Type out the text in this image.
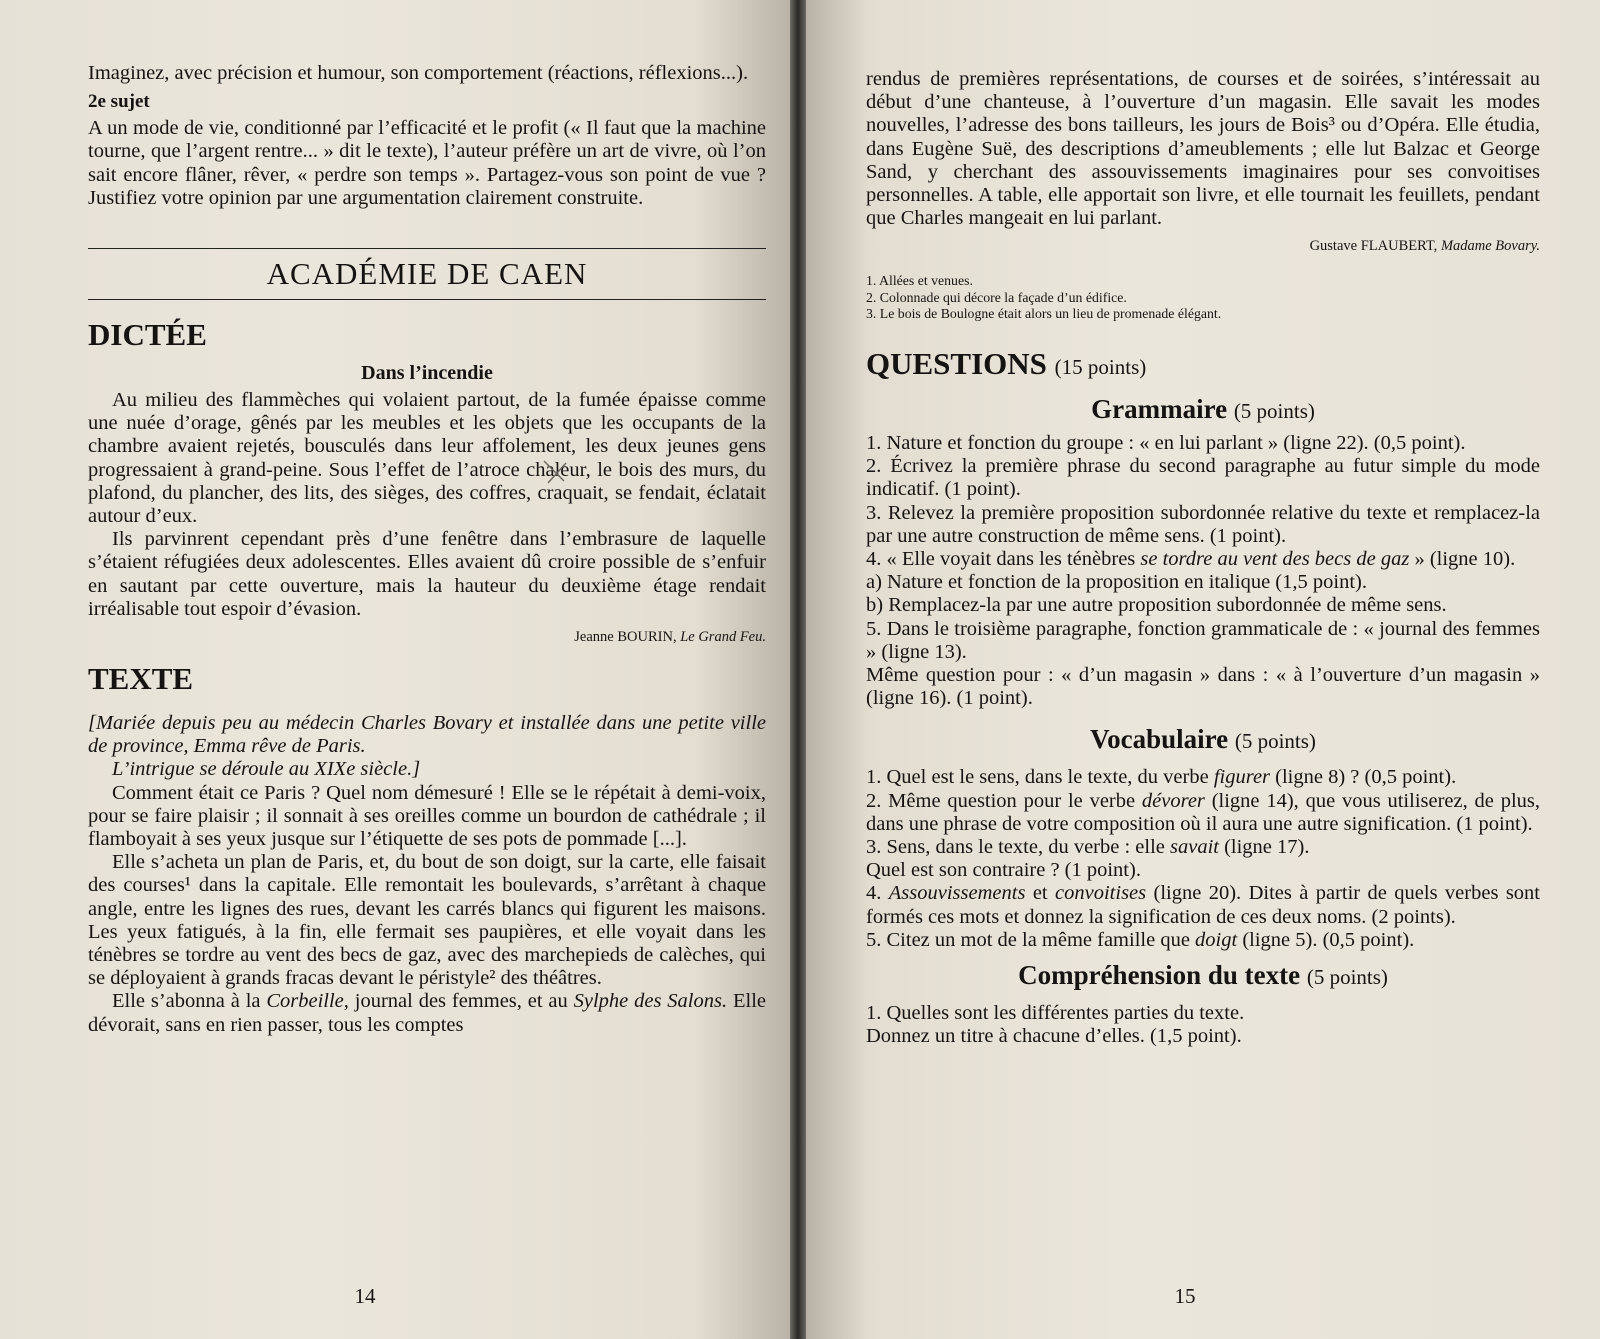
Imaginez, avec précision et humour, son comportement (réactions, réflexions...).

2e sujet

A un mode de vie, conditionné par l’efficacité et le profit (« Il faut que la machine tourne, que l’argent rentre... » dit le texte), l’auteur préfère un art de vivre, où l’on sait encore flâner, rêver, « perdre son temps ». Partagez-vous son point de vue ? Justifiez votre opinion par une argumentation clairement construite.

ACADÉMIE DE CAEN
DICTÉE
Dans l’incendie

Au milieu des flammèches qui volaient partout, de la fumée épaisse comme une nuée d’orage, gênés par les meubles et les objets que les occupants de la chambre avaient rejetés, bousculés dans leur affolement, les deux jeunes gens progressaient à grand-peine. Sous l’effet de l’atroce chaleur, le bois des murs, du plafond, du plancher, des lits, des sièges, des coffres, craquait, se fendait, éclatait autour d’eux.

Ils parvinrent cependant près d’une fenêtre dans l’embrasure de laquelle s’étaient réfugiées deux adolescentes. Elles avaient dû croire possible de s’enfuir en sautant par cette ouverture, mais la hauteur du deuxième étage rendait irréalisable tout espoir d’évasion.

Jeanne BOURIN, Le Grand Feu.
TEXTE

[Mariée depuis peu au médecin Charles Bovary et installée dans une petite ville de province, Emma rêve de Paris.

L’intrigue se déroule au XIXe siècle.]

Comment était ce Paris ? Quel nom démesuré ! Elle se le répétait à demi-voix, pour se faire plaisir ; il sonnait à ses oreilles comme un bourdon de cathédrale ; il flamboyait à ses yeux jusque sur l’étiquette de ses pots de pommade [...].

Elle s’acheta un plan de Paris, et, du bout de son doigt, sur la carte, elle faisait des courses¹ dans la capitale. Elle remontait les boulevards, s’arrêtant à chaque angle, entre les lignes des rues, devant les carrés blancs qui figurent les maisons. Les yeux fatigués, à la fin, elle fermait ses paupières, et elle voyait dans les ténèbres se tordre au vent des becs de gaz, avec des marchepieds de calèches, qui se déployaient à grands fracas devant le péristyle² des théâtres.

Elle s’abonna à la Corbeille, journal des femmes, et au Sylphe des Salons. Elle dévorait, sans en rien passer, tous les comptes

14

rendus de premières représentations, de courses et de soirées, s’intéressait au début d’une chanteuse, à l’ouverture d’un magasin. Elle savait les modes nouvelles, l’adresse des bons tailleurs, les jours de Bois³ ou d’Opéra. Elle étudia, dans Eugène Suë, des descriptions d’ameublements ; elle lut Balzac et George Sand, y cherchant des assouvissements imaginaires pour ses convoitises personnelles. A table, elle apportait son livre, et elle tournait les feuillets, pendant que Charles mangeait en lui parlant.

Gustave FLAUBERT, Madame Bovary.

1. Allées et venues.

2. Colonnade qui décore la façade d’un édifice.

3. Le bois de Boulogne était alors un lieu de promenade élégant.

QUESTIONS (15 points)
Grammaire (5 points)

1. Nature et fonction du groupe : « en lui parlant » (ligne 22). (0,5 point).

2. Écrivez la première phrase du second paragraphe au futur simple du mode indicatif. (1 point).

3. Relevez la première proposition subordonnée relative du texte et remplacez-la par une autre construction de même sens. (1 point).

4. « Elle voyait dans les ténèbres se tordre au vent des becs de gaz » (ligne 10).

a) Nature et fonction de la proposition en italique (1,5 point).

b) Remplacez-la par une autre proposition subordonnée de même sens.

5. Dans le troisième paragraphe, fonction grammaticale de : « journal des femmes » (ligne 13).

Même question pour : « d’un magasin » dans : « à l’ouverture d’un magasin » (ligne 16). (1 point).

Vocabulaire (5 points)

1. Quel est le sens, dans le texte, du verbe figurer (ligne 8) ? (0,5 point).

2. Même question pour le verbe dévorer (ligne 14), que vous utiliserez, de plus, dans une phrase de votre composition où il aura une autre signification. (1 point).

3. Sens, dans le texte, du verbe : elle savait (ligne 17).

Quel est son contraire ? (1 point).

4. Assouvissements et convoitises (ligne 20). Dites à partir de quels verbes sont formés ces mots et donnez la signification de ces deux noms. (2 points).

5. Citez un mot de la même famille que doigt (ligne 5). (0,5 point).

Compréhension du texte (5 points)

1. Quelles sont les différentes parties du texte.

Donnez un titre à chacune d’elles. (1,5 point).

15
